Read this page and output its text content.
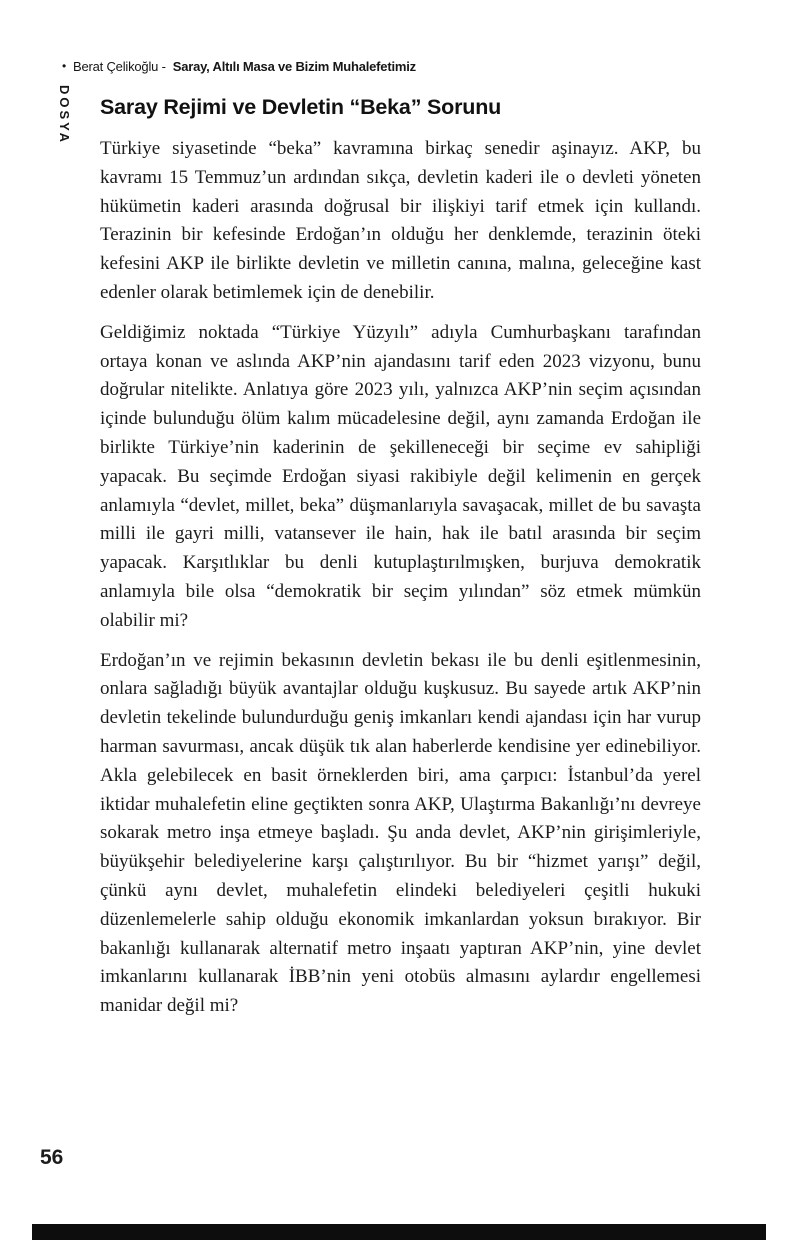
• Berat Çelikoğlu - Saray, Altılı Masa ve Bizim Muhalefetimiz
DOSYA Saray Rejimi ve Devletin “Beka” Sorunu

Türkiye siyasetinde “beka” kavramına birkaç senedir aşinayız. AKP, bu kavramı 15 Temmuz’un ardından sıkça, devletin kaderi ile o devleti yöneten hükümetin kaderi arasında doğrusal bir ilişkiyi tarif etmek için kullandı. Terazinin bir kefesinde Erdoğan’ın olduğu her denklemde, terazinin öteki kefesini AKP ile birlikte devletin ve milletin canına, malına, geleceğine kast edenler olarak betimlemek için de denebilir.

Geldiğimiz noktada “Türkiye Yüzyılı” adıyla Cumhurbaşkanı tarafından ortaya konan ve aslında AKP’nin ajandasını tarif eden 2023 vizyonu, bunu doğrular nitelikte. Anlatıya göre 2023 yılı, yalnızca AKP’nin seçim açısından içinde bulunduğu ölüm kalım mücadelesine değil, aynı zamanda Erdoğan ile birlikte Türkiye’nin kaderinin de şekilleneceği bir seçime ev sahipliği yapacak. Bu seçimde Erdoğan siyasi rakibiyle değil kelimenin en gerçek anlamıyla “devlet, millet, beka” düşmanlarıyla savaşacak, millet de bu savaşta milli ile gayri milli, vatansever ile hain, hak ile batıl arasında bir seçim yapacak. Karşıtlıklar bu denli kutuplaştırılmışken, burjuva demokratik anlamıyla bile olsa “demokratik bir seçim yılından” söz etmek mümkün olabilir mi?

Erdoğan’ın ve rejimin bekasının devletin bekası ile bu denli eşitlenmesinin, onlara sağladığı büyük avantajlar olduğu kuşkusuz. Bu sayede artık AKP’nin devletin tekelinde bulundurduğu geniş imkanları kendi ajandası için har vurup harman savurması, ancak düşük tık alan haberlerde kendisine yer edinebiliyor. Akla gelebilecek en basit örneklerden biri, ama çarpıcı: İstanbul’da yerel iktidar muhalefetin eline geçtikten sonra AKP, Ulaştırma Bakanlığı’nı devreye sokarak metro inşa etmeye başladı. Şu anda devlet, AKP’nin girişimleriyle, büyükşehir belediyelerine karşı çalıştırılıyor. Bu bir “hizmet yarışı” değil, çünkü aynı devlet, muhalefetin elindeki belediyeleri çeşitli hukuki düzenlemelerle sahip olduğu ekonomik imkanlardan yoksun bırakıyor. Bir bakanlığı kullanarak alternatif metro inşaatı yaptıran AKP’nin, yine devlet imkanlarını kullanarak İBB’nin yeni otobüs almasını aylardır engellemesi manidar değil mi?

56
